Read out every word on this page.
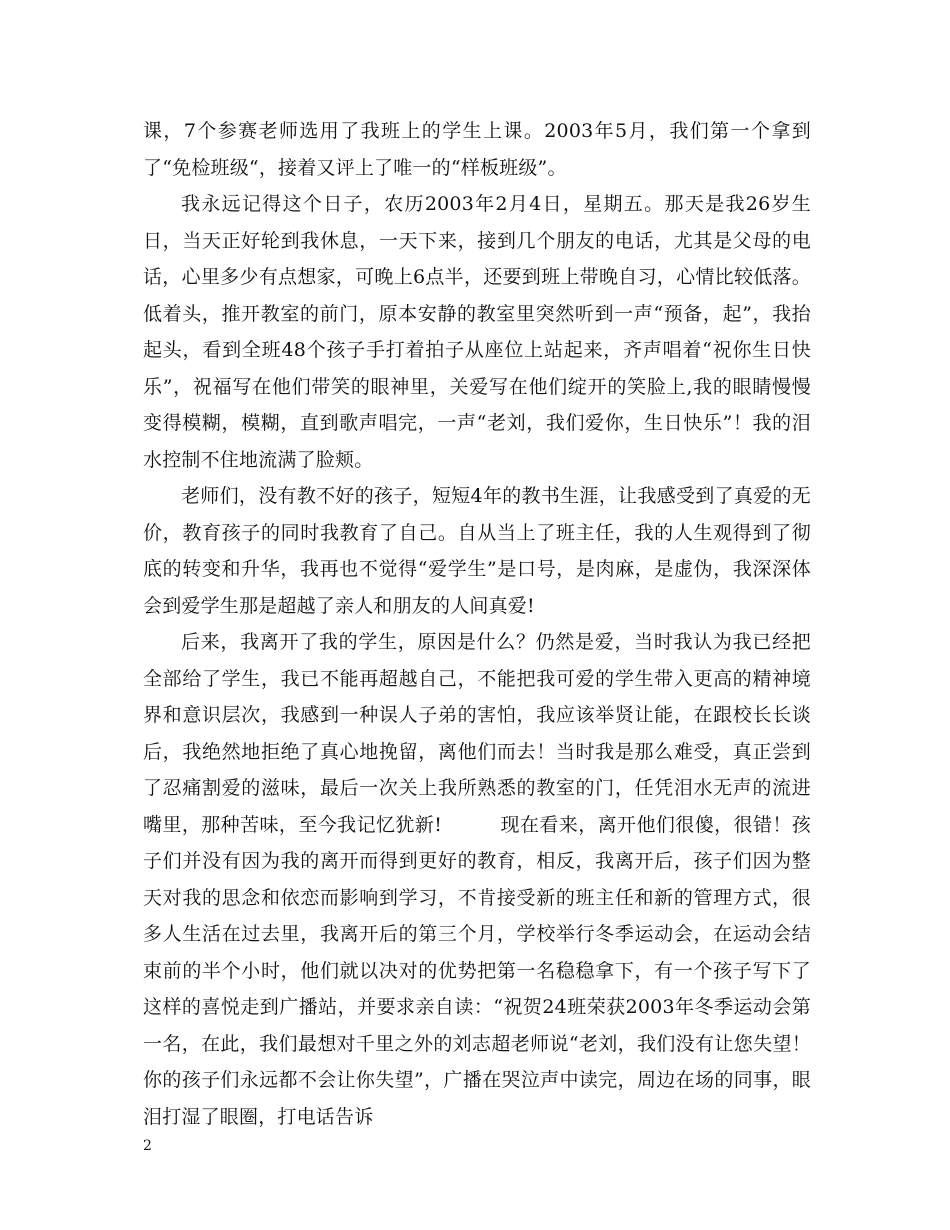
课，7个参赛老师选用了我班上的学生上课。2003年5月，我们第一个拿到了“免检班级“，接着又评上了唯一的“样板班级”。

我永远记得这个日子，农历2003年2月4日，星期五。那天是我26岁生日，当天正好轮到我休息，一天下来，接到几个朋友的电话，尤其是父母的电话，心里多少有点想家，可晚上6点半，还要到班上带晚自习，心情比较低落。低着头，推开教室的前门，原本安静的教室里突然听到一声“预备，起”，我抬起头，看到全班48个孩子手打着拍子从座位上站起来，齐声唱着“祝你生日快乐”，祝福写在他们带笑的眼神里，关爱写在他们绽开的笑脸上,我的眼睛慢慢变得模糊，模糊，直到歌声唱完，一声“老刘，我们爱你，生日快乐”！我的泪水控制不住地流满了脸颊。

老师们，没有教不好的孩子，短短4年的教书生涯，让我感受到了真爱的无价，教育孩子的同时我教育了自己。自从当上了班主任，我的人生观得到了彻底的转变和升华，我再也不觉得“爱学生”是口号，是肉麻，是虚伪，我深深体会到爱学生那是超越了亲人和朋友的人间真爱!

后来，我离开了我的学生，原因是什么？仍然是爱，当时我认为我已经把全部给了学生，我已不能再超越自己，不能把我可爱的学生带入更高的精神境界和意识层次，我感到一种误人子弟的害怕，我应该举贤让能，在跟校长长谈后，我绝然地拒绝了真心地挽留，离他们而去！当时我是那么难受，真正尝到了忍痛割爱的滋味，最后一次关上我所熟悉的教室的门，任凭泪水无声的流进嘴里，那种苦味，至今我记忆犹新!　　　现在看来，离开他们很傻，很错！孩子们并没有因为我的离开而得到更好的教育，相反，我离开后，孩子们因为整天对我的思念和依恋而影响到学习，不肯接受新的班主任和新的管理方式，很多人生活在过去里，我离开后的第三个月，学校举行冬季运动会，在运动会结束前的半个小时，他们就以决对的优势把第一名稳稳拿下，有一个孩子写下了这样的喜悦走到广播站，并要求亲自读：“祝贺24班荣获2003年冬季运动会第一名，在此，我们最想对千里之外的刘志超老师说“老刘，我们没有让您失望！你的孩子们永远都不会让你失望”，广播在哭泣声中读完，周边在场的同事，眼泪打湿了眼圈，打电话告诉

2
